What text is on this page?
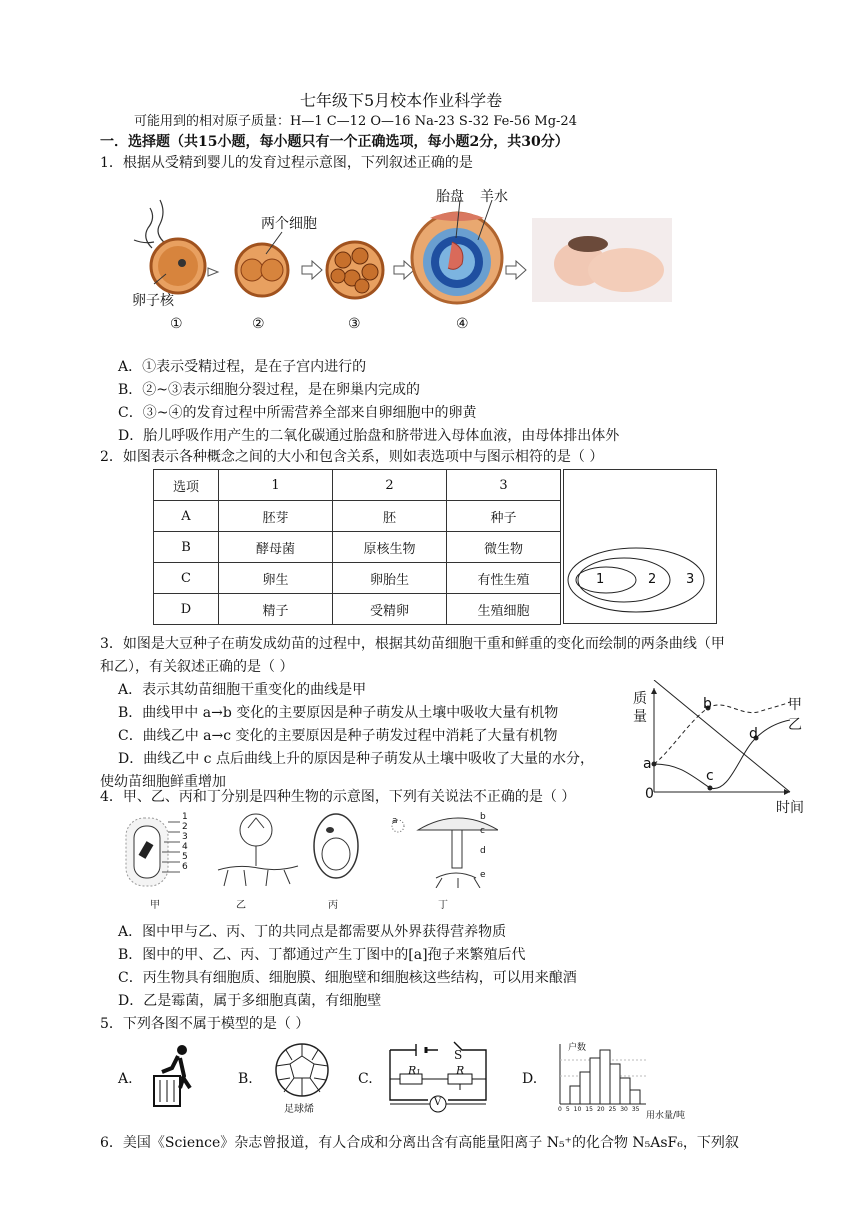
七年级下5月校本作业科学卷
可能用到的相对原子质量：H—1 C—12 O—16 Na-23 S-32 Fe-56 Mg-24
一．选择题（共15小题，每小题只有一个正确选项，每小题2分，共30分）
1．根据从受精到婴儿的发育过程示意图，下列叙述正确的是
两个细胞
卵子核
胎盘 羊水
①	②	③	④
A．①表示受精过程，是在子宫内进行的
B．②~③表示细胞分裂过程，是在卵巢内完成的
C．③~④的发育过程中所需营养全部来自卵细胞中的卵黄
D．胎儿呼吸作用产生的二氧化碳通过胎盘和脐带进入母体血液，由母体排出体外
2．如图表示各种概念之间的大小和包含关系，则如表选项中与图示相符的是（ ）
选项	1	2	3
A	胚芽	胚	种子
B	酵母菌	原核生物	微生物
C	卵生	卵胎生	有性生殖
D	精子	受精卵	生殖细胞
1	2 3
3．如图是大豆种子在萌发成幼苗的过程中，根据其幼苗细胞干重和鲜重的变化而绘制的两条曲线（甲
和乙），有关叙述正确的是（ ）
A．表示其幼苗细胞干重变化的曲线是甲
B．曲线甲中 a→b 变化的主要原因是种子萌发从土壤中吸收大量有机物
C．曲线乙中 a→c 变化的主要原因是种子萌发过程中消耗了大量有机物
D．曲线乙中 c 点后曲线上升的原因是种子萌发从土壤中吸收了大量的水分，
使幼苗细胞鲜重增加
质
量
时间
0
a
b
c
d
甲
乙
4．甲、乙、丙和丁分别是四种生物的示意图，下列有关说法不正确的是（ ）
1
2
3
4
5
6
a	b
c
d
e
甲	乙	丙	丁
A．图中甲与乙、丙、丁的共同点是都需要从外界获得营养物质
B．图中的甲、乙、丙、丁都通过产生丁图中的[a]孢子来繁殖后代
C．丙生物具有细胞质、细胞膜、细胞壁和细胞核这些结构，可以用来酿酒
D．乙是霉菌，属于多细胞真菌，有细胞壁
5．下列各图不属于模型的是（ ）
A.	B.
足球烯
C.
S
R₁	R
V
D.
户数
用水量/吨
0 5 10 15 20 25 30 35
6．美国《Science》杂志曾报道，有人合成和分离出含有高能量阳离子 N₅⁺的化合物 N₅AsF₆，下列叙
